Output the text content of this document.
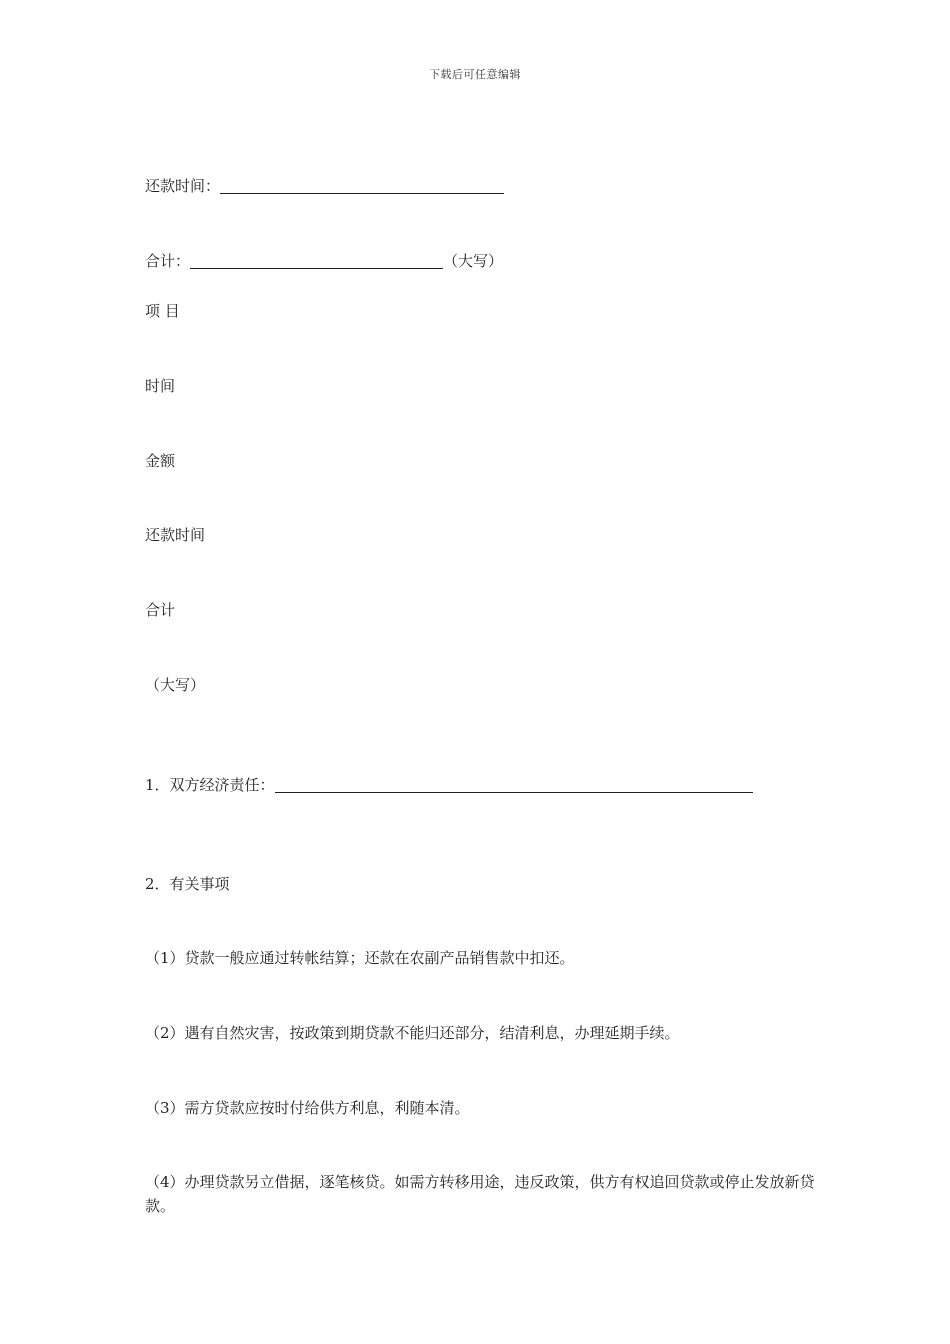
下载后可任意编辑
还款时间：
合计：	（大写）
项 目
时间
金额
还款时间
合计
（大写）
1．双方经济责任：
2．有关事项
（1）贷款一般应通过转帐结算；还款在农副产品销售款中扣还。
（2）遇有自然灾害，按政策到期贷款不能归还部分，结清利息，办理延期手续。
（3）需方贷款应按时付给供方利息，利随本清。
（4）办理贷款另立借据，逐笔核贷。如需方转移用途，违反政策，供方有权追回贷款或停止发放新贷款。
